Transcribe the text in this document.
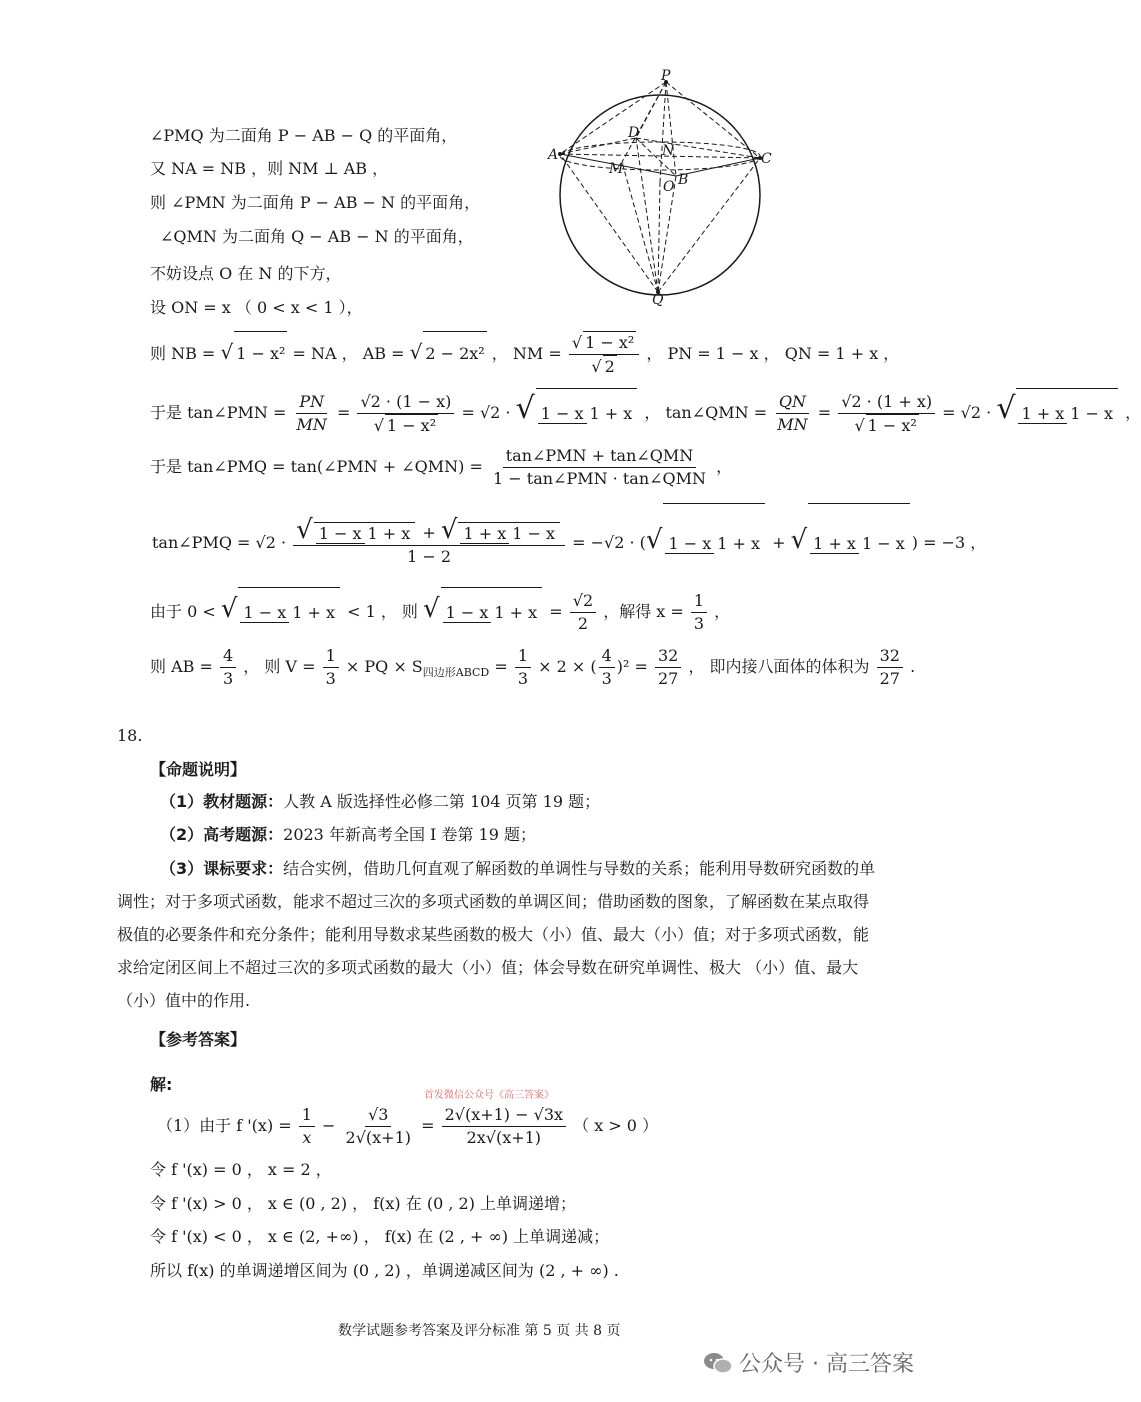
P
A	C
D
N
M
B
O
Q
∠PMQ 为二面角 P − AB − Q 的平面角，
又 NA = NB ，则 NM ⊥ AB ，
则 ∠PMN 为二面角 P − AB − N 的平面角，
∠QMN 为二面角 Q − AB − N 的平面角，
不妨设点 O 在 N 的下方，
设 ON = x （ 0 < x < 1 ），
则 NB = √ 1 − x² = NA ， AB = √ 2 − 2x² ， NM = $\frac{\text{√ 1 − x²}}{√ 2}$ ， PN = 1 − x ， QN = 1 + x ，
于是 tan∠PMN = $\frac{PN}{MN} = \frac{√2 \cdot (1 - x)}{\text{√ 1 − x²}} = √2$ · √ 1 − x 1 + x ， tan∠QMN = $\frac{QN}{MN} = \frac{√2 \cdot (1 + x)}{\text{√ 1 − x²}} = √2$ · √ 1 + x 1 − x ，
于是 tan∠PMQ = tan(∠PMN + ∠QMN) = $\frac{\text{tan∠PMN + tan∠QMN}}{\text{1 − tan∠PMN · tan∠QMN}}$ ，
tan∠PMQ = $√2 \cdot \frac{√ 1 - x 1 + x + √ 1 + x 1 - x}{1 - 2} = -√2$ · (√ 1 − x 1 + x + √ 1 + x 1 − x ) = −3 ，
由于 0 < √ 1 − x 1 + x < 1 ， 则 √ 1 − x $1 + x = \frac{√2}{2}$ ，解得 $x = \frac{1}{3}$ ，
则 AB = $\frac{4}{3}$ ， 则 $V = \frac{1}{3}$ × PQ × $S_{四边形ABCD} = \frac{1}{3} \times 2$ × ( $\frac{4}{3} )^2 = \frac{32}{27}$ ， 即内接八面体的体积为 $\frac{32}{27}$ .
18.
【命题说明】
（1）教材题源：人教 A 版选择性必修二第 104 页第 19 题；
（2）高考题源：2023 年新高考全国 Ⅰ 卷第 19 题；
（3）课标要求：结合实例，借助几何直观了解函数的单调性与导数的关系；能利用导数研究函数的单调性；对于多项式函数，能求不超过三次的多项式函数的单调区间；借助函数的图象，了解函数在某点取得极值的必要条件和充分条件；能利用导数求某些函数的极大（小）值、最大（小）值；对于多项式函数，能求给定闭区间上不超过三次的多项式函数的最大（小）值；体会导数在研究单调性、极大 （小）值、最大（小）值中的作用.
【参考答案】
解:
首发微信公众号《高三答案》
（1）由于 f '$(x) = \frac{1}{x} - \frac{√3}{2√(x+1)} = \frac{2√(x+1) - √3x}{2x√(x+1)}$ （ x > 0 ）
令 f '(x) = 0 ， x = 2 ，
令 f '(x) > 0 ， x ∈ (0 , 2) ， f(x) 在 (0 , 2) 上单调递增；
令 f '(x) < 0 ， x ∈ (2, +∞) ， f(x) 在 (2 , + ∞) 上单调递减；
所以 f(x) 的单调递增区间为 (0 , 2) ，单调递减区间为 (2 , + ∞) .
数学试题参考答案及评分标准 第 5 页 共 8 页
公众号 · 高三答案
